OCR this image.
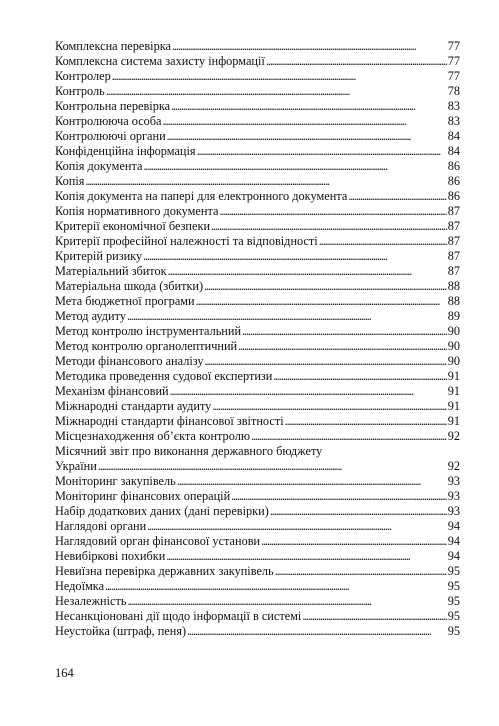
Комплексна перевірка . . .	77
Комплексна система захисту інформації . . .	77
Контролер . . .	77
Контроль . . .	78
Контрольна перевірка . . .	83
Контролююча особа . . .	83
Контролюючі органи . . .	84
Конфіденційна інформація . . .	84
Копія документа . . .	86
Копія . . .	86
Копія документа на папері для електронного документа . . .	86
Копія нормативного документа . . .	87
Критерії економічної безпеки . . .	87
Критерії професійної належності та відповідності . . .	87
Критерій ризику . . .	87
Матеріальний збиток . . .	87
Матеріальна шкода (збитки) . . .	88
Мета бюджетної програми . . .	88
Метод аудиту . . .	89
Метод контролю інструментальний . . .	90
Метод контролю органолептичний . . .	90
Методи фінансового аналізу . . .	90
Методика проведення судової експертизи . . .	91
Механізм фінансовий . . .	91
Міжнародні стандарти аудиту . . .	91
Міжнародні стандарти фінансової звітності . . .	91
Місцезнаходження об’єкта контролю . . .	92
Місячний звіт про виконання державного бюджету
України . . .	92
Моніторинг закупівель . . .	93
Моніторинг фінансових операцій . . .	93
Набір додаткових даних (дані перевірки) . . .	93
Наглядові органи . . .	94
Наглядовий орган фінансової установи . . .	94
Невибіркові похибки . . .	94
Невиїзна перевірка державних закупівель . . .	95
Недоїмка . . .	95
Незалежність . . .	95
Несанкціоновані дії щодо інформації в системі . . .	95
Неустойка (штраф, пеня) . . .	95
164
